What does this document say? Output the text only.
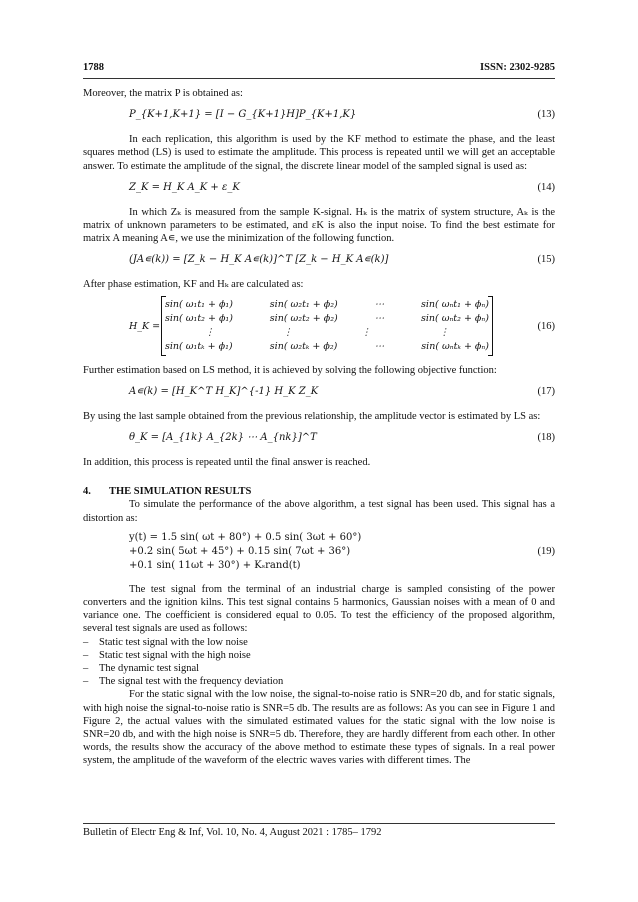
1788	ISSN: 2302-9285

Moreover, the matrix P is obtained as:

P_{K+1,K+1} = [I − G_{K+1}H]P_{K+1,K}	(13)

In each replication, this algorithm is used by the KF method to estimate the phase, and the least squares method (LS) is used to estimate the amplitude. This process is repeated until we will get an acceptable answer. To estimate the amplitude of the signal, the discrete linear model of the sampled signal is used as:

Z_K = H_K A_K + ε_K	(14)

In which Zₖ is measured from the sample K-signal. Hₖ is the matrix of system structure, Aₖ is the matrix of unknown parameters to be estimated, and εK is also the input noise. To find the best estimate for matrix A meaning A∊, we use the minimization of the following function.

(JA∊(k)) = [Z_k − H_K A∊(k)]^T [Z_k − H_K A∊(k)]	(15)

After phase estimation, KF and Hₖ are calculated as:

H_K =
sin( ω₁t₁ + ϕ₁)	sin( ω₂t₁ + ϕ₂)	⋯	sin( ωₙt₁ + ϕₙ)
sin( ω₁t₂ + ϕ₁)	sin( ω₂t₂ + ϕ₂)	⋯	sin( ωₙt₂ + ϕₙ)
⋮	⋮	⋮	⋮
sin( ω₁tₖ + ϕ₁)	sin( ω₂tₖ + ϕ₂)	⋯	sin( ωₙtₖ + ϕₙ)
(16)

Further estimation based on LS method, it is achieved by solving the following objective function:

A∊(k) = [H_K^T H_K]^{-1} H_K Z_K	(17)

By using the last sample obtained from the previous relationship, the amplitude vector is estimated by LS as:

θ_K = [A_{1k} A_{2k} ⋯ A_{nk}]^T	(18)

In addition, this process is repeated until the final answer is reached.

4. THE SIMULATION RESULTS

To simulate the performance of the above algorithm, a test signal has been used. This signal has a distortion as:

y(t) = 1.5 sin( ωt + 80°) + 0.5 sin( 3ωt + 60°)
+0.2 sin( 5ωt + 45°) + 0.15 sin( 7ωt + 36°)
+0.1 sin( 11ωt + 30°) + Kₛrand(t)
(19)

The test signal from the terminal of an industrial charge is sampled consisting of the power converters and the ignition kilns. This test signal contains 5 harmonics, Gaussian noises with a mean of 0 and variance one. The coefficient is considered equal to 0.05. To test the efficiency of the proposed algorithm, several test signals are used as follows:

– Static test signal with the low noise
– Static test signal with the high noise
– The dynamic test signal
– The signal test with the frequency deviation

For the static signal with the low noise, the signal-to-noise ratio is SNR=20 db, and for static signals, with high noise the signal-to-noise ratio is SNR=5 db. The results are as follows: As you can see in Figure 1 and Figure 2, the actual values with the simulated estimated values for the static signal with the low noise is SNR=20 db, and with the high noise is SNR=5 db. Therefore, they are hardly different from each other. In other words, the results show the accuracy of the above method to estimate these types of signals. In a real power system, the amplitude of the waveform of the electric waves varies with different times. The

Bulletin of Electr Eng & Inf, Vol. 10, No. 4, August 2021 : 1785– 1792
